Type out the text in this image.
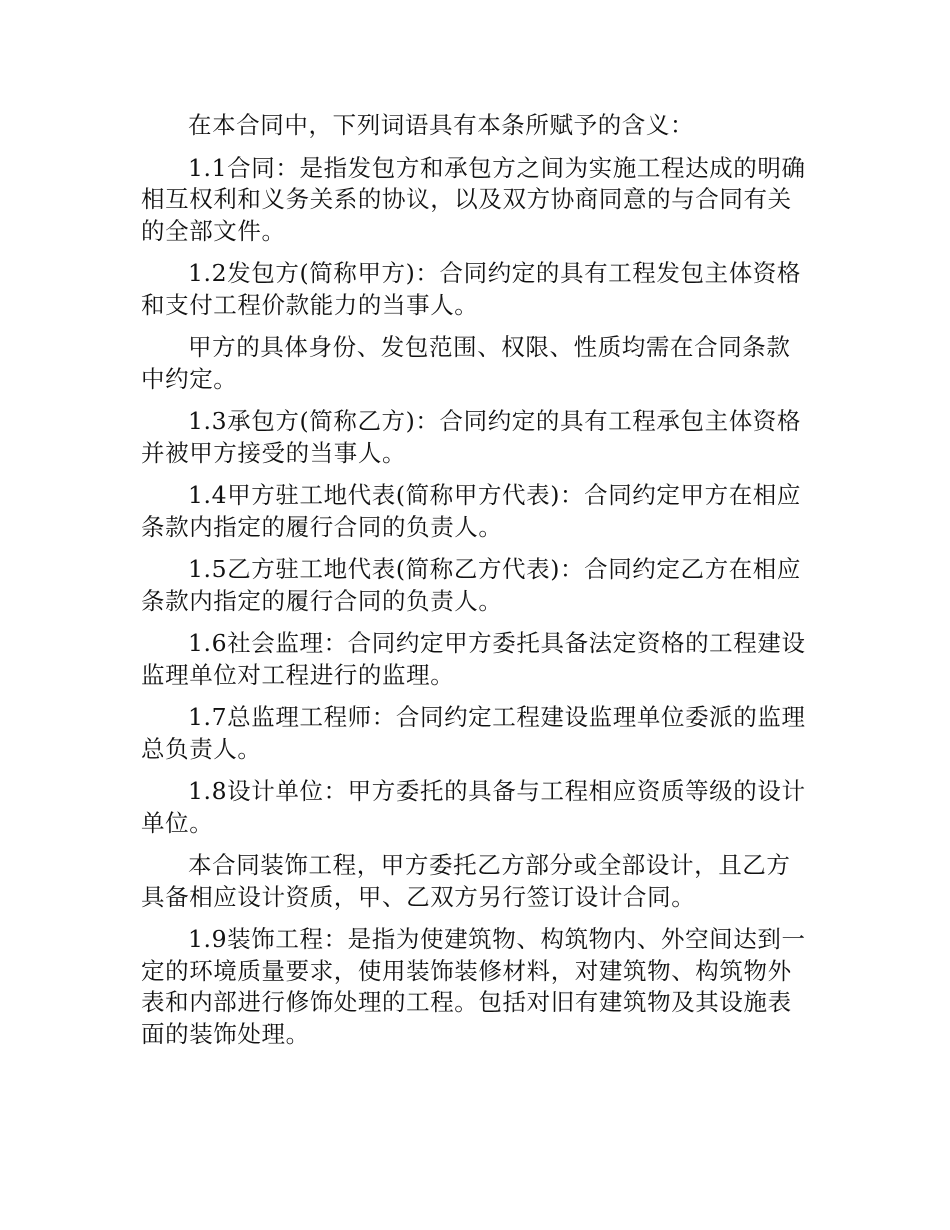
在本合同中，下列词语具有本条所赋予的含义：

1.1合同：是指发包方和承包方之间为实施工程达成的明确相互权利和义务关系的协议，以及双方协商同意的与合同有关的全部文件。

1.2发包方(简称甲方)：合同约定的具有工程发包主体资格和支付工程价款能力的当事人。

甲方的具体身份、发包范围、权限、性质均需在合同条款中约定。

1.3承包方(简称乙方)：合同约定的具有工程承包主体资格并被甲方接受的当事人。

1.4甲方驻工地代表(简称甲方代表)：合同约定甲方在相应条款内指定的履行合同的负责人。

1.5乙方驻工地代表(简称乙方代表)：合同约定乙方在相应条款内指定的履行合同的负责人。

1.6社会监理：合同约定甲方委托具备法定资格的工程建设监理单位对工程进行的监理。

1.7总监理工程师：合同约定工程建设监理单位委派的监理总负责人。

1.8设计单位：甲方委托的具备与工程相应资质等级的设计单位。

本合同装饰工程，甲方委托乙方部分或全部设计，且乙方具备相应设计资质，甲、乙双方另行签订设计合同。

1.9装饰工程：是指为使建筑物、构筑物内、外空间达到一定的环境质量要求，使用装饰装修材料，对建筑物、构筑物外表和内部进行修饰处理的工程。包括对旧有建筑物及其设施表面的装饰处理。
